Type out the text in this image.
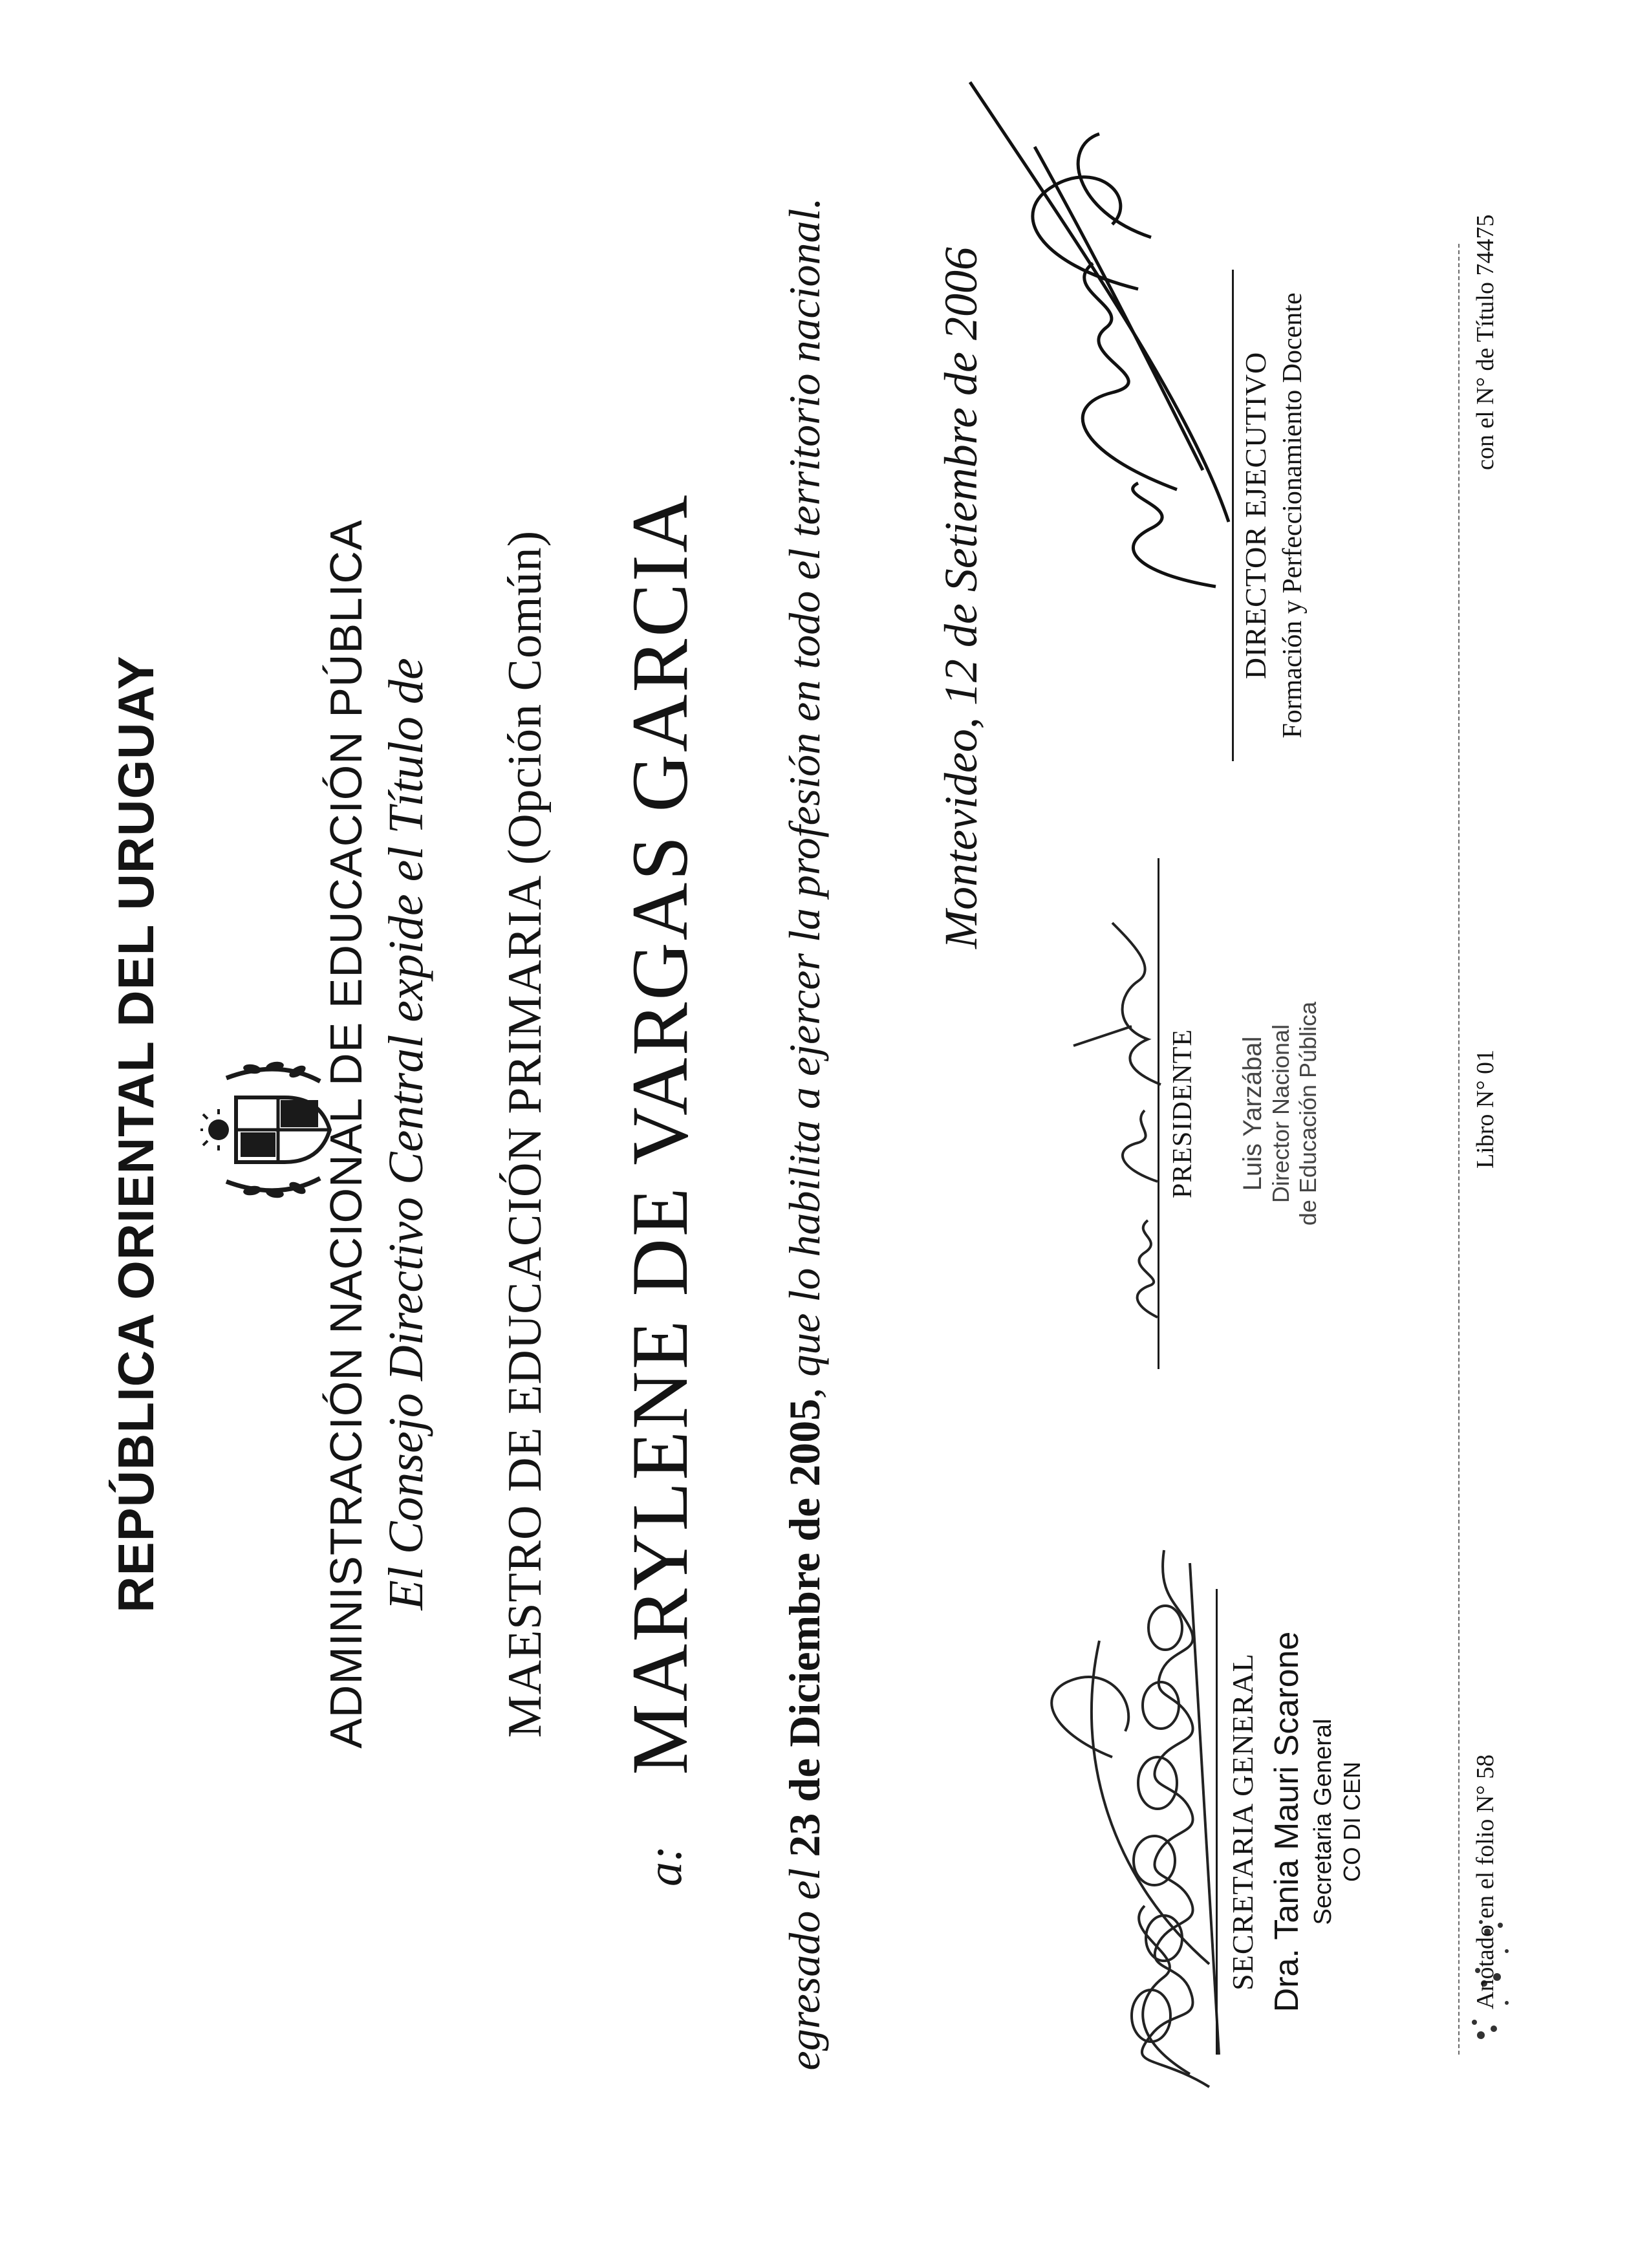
REPÚBLICA ORIENTAL DEL URUGUAY	ADMINISTRACIÓN NACIONAL DE EDUCACIÓN PÚBLICA El Consejo Directivo Central expide el Título de MAESTRO DE EDUCACIÓN PRIMARIA (Opción Común)
a:
MARYLENE DE VARGAS GARCIA
egresado el 23 de Diciembre de 2005, que lo habilita a ejercer la profesión en todo el territorio nacional. Montevideo, 12 de Setiembre de 2006
SECRETARIA GENERAL Dra. Tania Mauri Scarone Secretaria General CO DI CEN
PRESIDENTE Luis Yarzábal Director Nacional de Educación Pública
DIRECTOR EJECUTIVO Formación y Perfeccionamiento Docente
Anotado en el folio N° 58
Libro N° 01
con el N° de Título 74475
